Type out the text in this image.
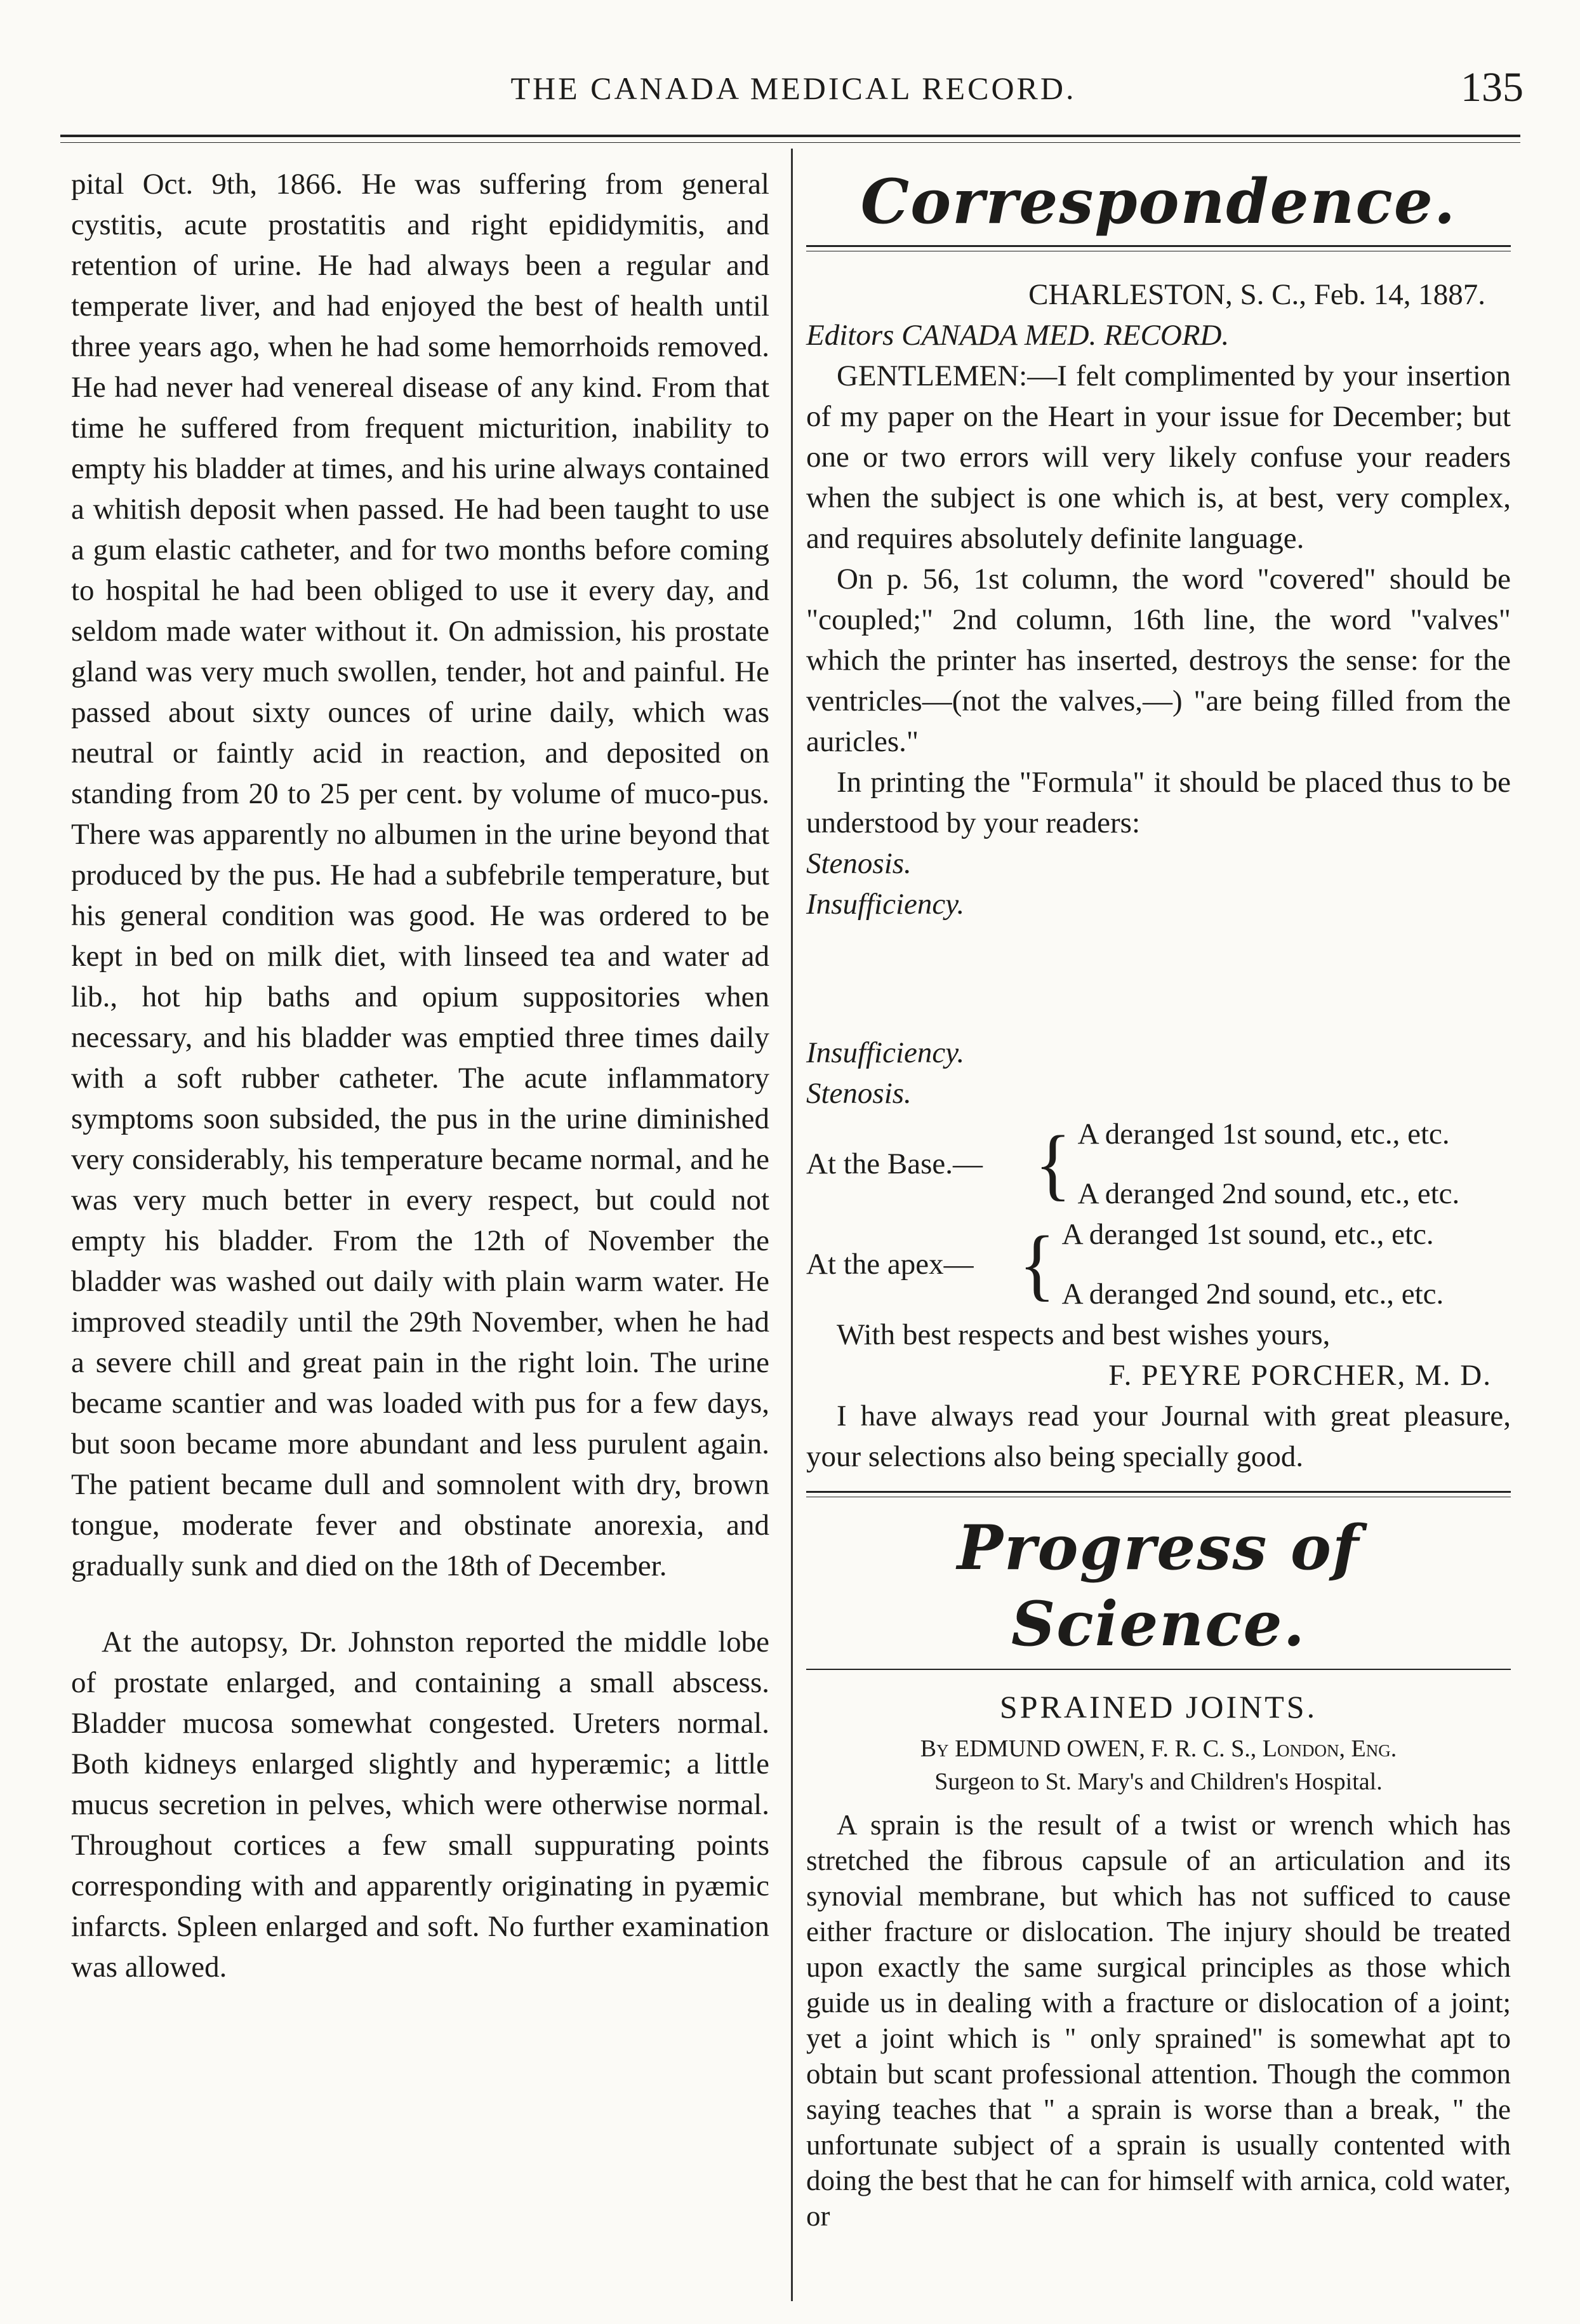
THE CANADA MEDICAL RECORD.	135

pital Oct. 9th, 1866. He was suffering from general cystitis, acute prostatitis and right epididymitis, and retention of urine. He had always been a regular and temperate liver, and had enjoyed the best of health until three years ago, when he had some hemorrhoids removed. He had never had venereal disease of any kind. From that time he suffered from frequent micturition, inability to empty his bladder at times, and his urine always contained a whitish deposit when passed. He had been taught to use a gum elastic catheter, and for two months before coming to hospital he had been obliged to use it every day, and seldom made water without it. On admission, his prostate gland was very much swollen, tender, hot and painful. He passed about sixty ounces of urine daily, which was neutral or faintly acid in reaction, and deposited on standing from 20 to 25 per cent. by volume of muco-pus. There was apparently no albumen in the urine beyond that produced by the pus. He had a subfebrile temperature, but his general condition was good. He was ordered to be kept in bed on milk diet, with linseed tea and water ad lib., hot hip baths and opium suppositories when necessary, and his bladder was emptied three times daily with a soft rubber catheter. The acute inflammatory symptoms soon subsided, the pus in the urine diminished very considerably, his temperature became normal, and he was very much better in every respect, but could not empty his bladder. From the 12th of November the bladder was washed out daily with plain warm water. He improved steadily until the 29th November, when he had a severe chill and great pain in the right loin. The urine became scantier and was loaded with pus for a few days, but soon became more abundant and less purulent again. The patient became dull and somnolent with dry, brown tongue, moderate fever and obstinate anorexia, and gradually sunk and died on the 18th of December.

At the autopsy, Dr. Johnston reported the middle lobe of prostate enlarged, and containing a small abscess. Bladder mucosa somewhat congested. Ureters normal. Both kidneys enlarged slightly and hyperæmic; a little mucus secretion in pelves, which were otherwise normal. Throughout cortices a few small suppurating points corresponding with and apparently originating in pyæmic infarcts. Spleen enlarged and soft. No further examination was allowed.

Correspondence.

CHARLESTON, S. C., Feb. 14, 1887.

Editors CANADA MED. RECORD.

GENTLEMEN:—I felt complimented by your insertion of my paper on the Heart in your issue for December; but one or two errors will very likely confuse your readers when the subject is one which is, at best, very complex, and requires absolutely definite language.

On p. 56, 1st column, the word "covered" should be "coupled;" 2nd column, 16th line, the word "valves" which the printer has inserted, destroys the sense: for the ventricles—(not the valves,—) "are being filled from the auricles."

In printing the "Formula" it should be placed thus to be understood by your readers:

Stenosis.

Insufficiency.

Insufficiency.

Stenosis.

At the Base.— { A deranged 1st sound, etc., etc.
A deranged 2nd sound, etc., etc.
At the apex— { A deranged 1st sound, etc., etc.
A deranged 2nd sound, etc., etc.

With best respects and best wishes yours,

F. PEYRE PORCHER, M. D.

I have always read your Journal with great pleasure, your selections also being specially good.

Progress of Science.

SPRAINED JOINTS.

By EDMUND OWEN, F. R. C. S., London, Eng.

Surgeon to St. Mary's and Children's Hospital.

A sprain is the result of a twist or wrench which has stretched the fibrous capsule of an articulation and its synovial membrane, but which has not sufficed to cause either fracture or dislocation. The injury should be treated upon exactly the same surgical principles as those which guide us in dealing with a fracture or dislocation of a joint; yet a joint which is " only sprained" is somewhat apt to obtain but scant professional attention. Though the common saying teaches that " a sprain is worse than a break, " the unfortunate subject of a sprain is usually contented with doing the best that he can for himself with arnica, cold water, or
